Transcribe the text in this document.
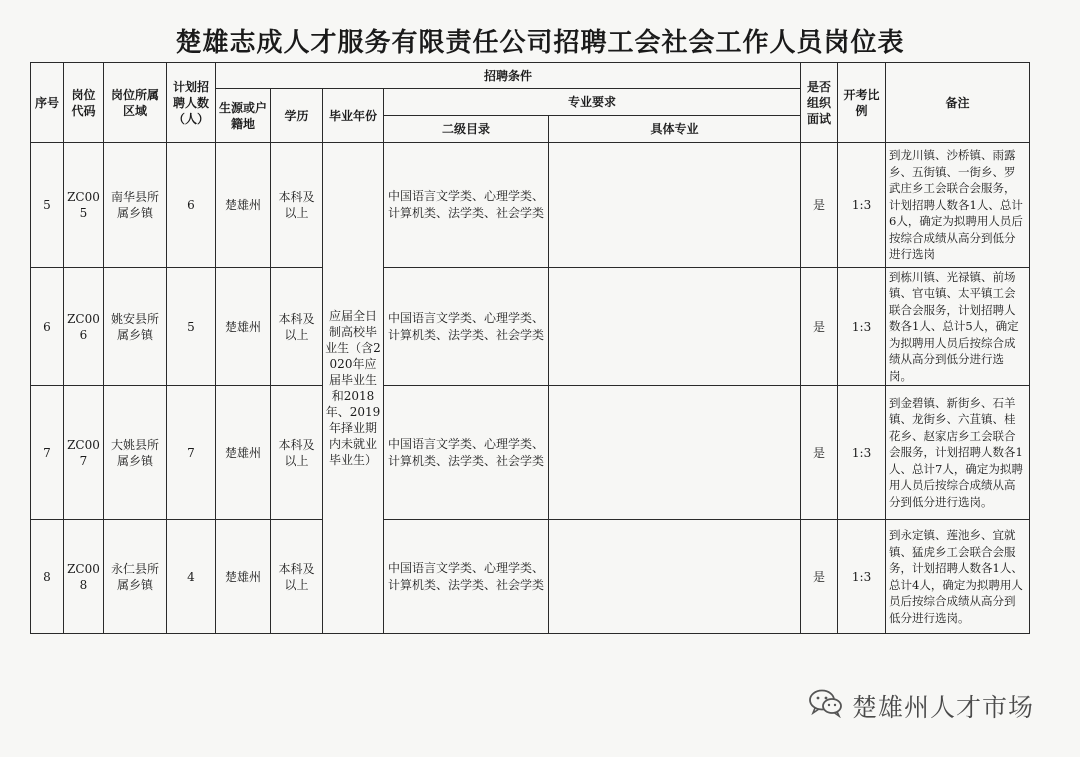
楚雄志成人才服务有限责任公司招聘工会社会工作人员岗位表
序号	岗位代码	岗位所属区域	计划招聘人数（人）	招聘条件					是否组织面试	开考比例	备注
				生源或户籍地	学历	毕业年份	专业要求				
							二级目录	具体专业			
5	ZC005	南华县所属乡镇	6	楚雄州	本科及以上	应届全日制高校毕业生（含2020年应届毕业生和2018年、2019年择业期内未就业毕业生）	中国语言文学类、心理学类、计算机类、法学类、社会学类		是	1:3	到龙川镇、沙桥镇、雨露乡、五街镇、一街乡、罗武庄乡工会联合会服务，计划招聘人数各1人、总计6人，确定为拟聘用人员后按综合成绩从高分到低分进行选岗
6	ZC006	姚安县所属乡镇	5	楚雄州	本科及以上		中国语言文学类、心理学类、计算机类、法学类、社会学类		是	1:3	到栋川镇、光禄镇、前场镇、官屯镇、太平镇工会联合会服务，计划招聘人数各1人、总计5人，确定为拟聘用人员后按综合成绩从高分到低分进行选岗。
7	ZC007	大姚县所属乡镇	7	楚雄州	本科及以上		中国语言文学类、心理学类、计算机类、法学类、社会学类		是	1:3	到金碧镇、新街乡、石羊镇、龙街乡、六苴镇、桂花乡、赵家店乡工会联合会服务，计划招聘人数各1人、总计7人，确定为拟聘用人员后按综合成绩从高分到低分进行选岗。
8	ZC008	永仁县所属乡镇	4	楚雄州	本科及以上		中国语言文学类、心理学类、计算机类、法学类、社会学类		是	1:3	到永定镇、莲池乡、宜就镇、猛虎乡工会联合会服务，计划招聘人数各1人、总计4人，确定为拟聘用人员后按综合成绩从高分到低分进行选岗。
楚雄州人才市场
